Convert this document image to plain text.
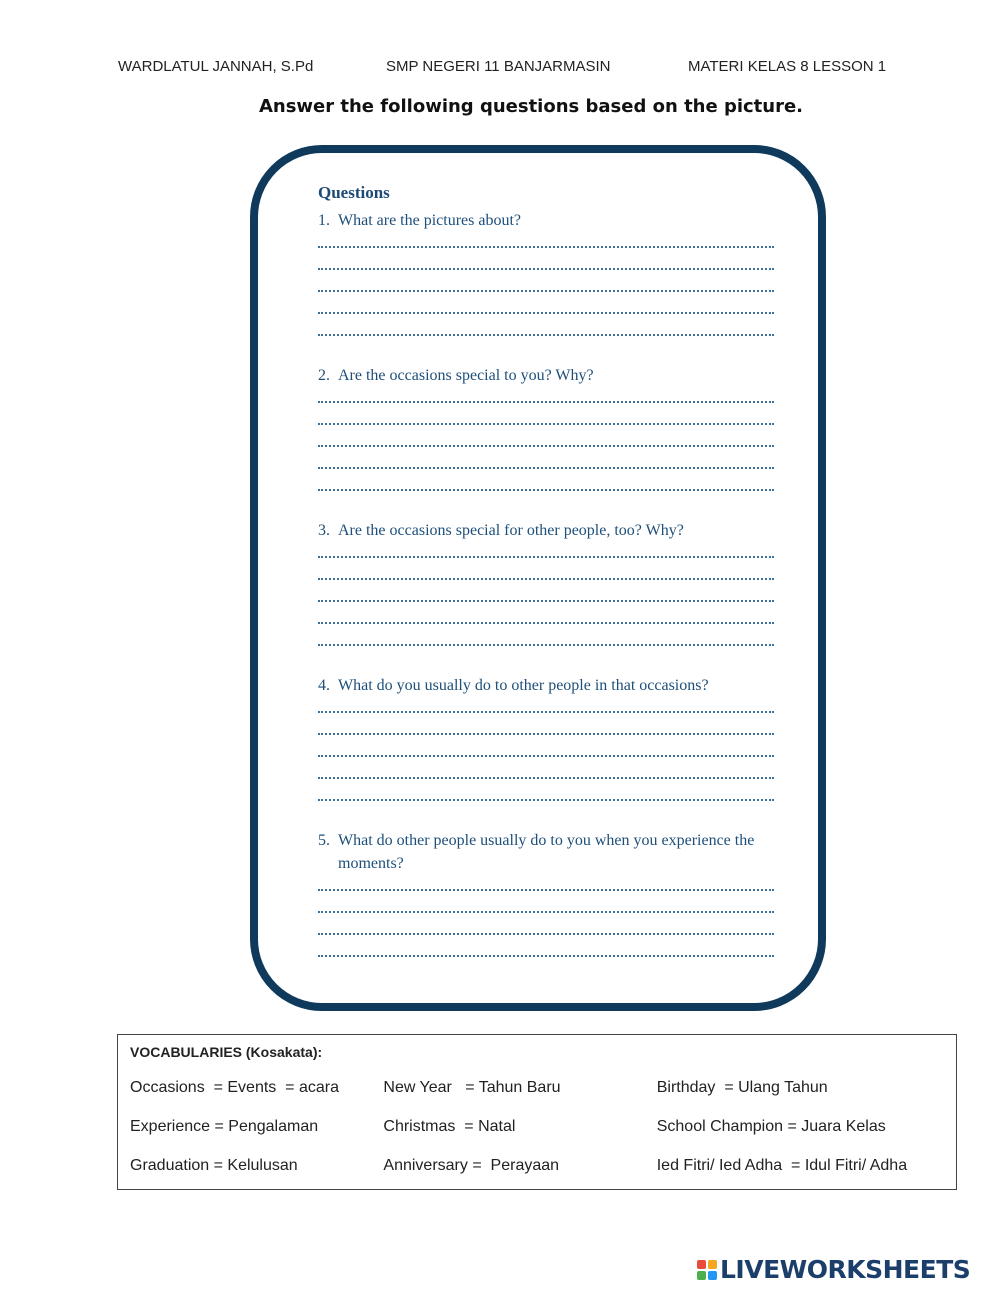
WARDLATUL JANNAH, S.Pd	SMP NEGERI 11 BANJARMASIN	MATERI KELAS 8 LESSON 1
Answer the following questions based on the picture.
Questions
1. What are the pictures about?
2. Are the occasions special to you? Why?
3. Are the occasions special for other people, too? Why?
4. What do you usually do to other people in that occasions?
5. What do other people usually do to you when you experience the moments?
VOCABULARIES (Kosakata):
Occasions  = Events  = acara	New Year   = Tahun Baru	Birthday  = Ulang Tahun
Experience = Pengalaman	Christmas  = Natal	School Champion = Juara Kelas
Graduation = Kelulusan	Anniversary =  Perayaan	Ied Fitri/ Ied Adha  = Idul Fitri/ Adha
LIVEWORKSHEETS
